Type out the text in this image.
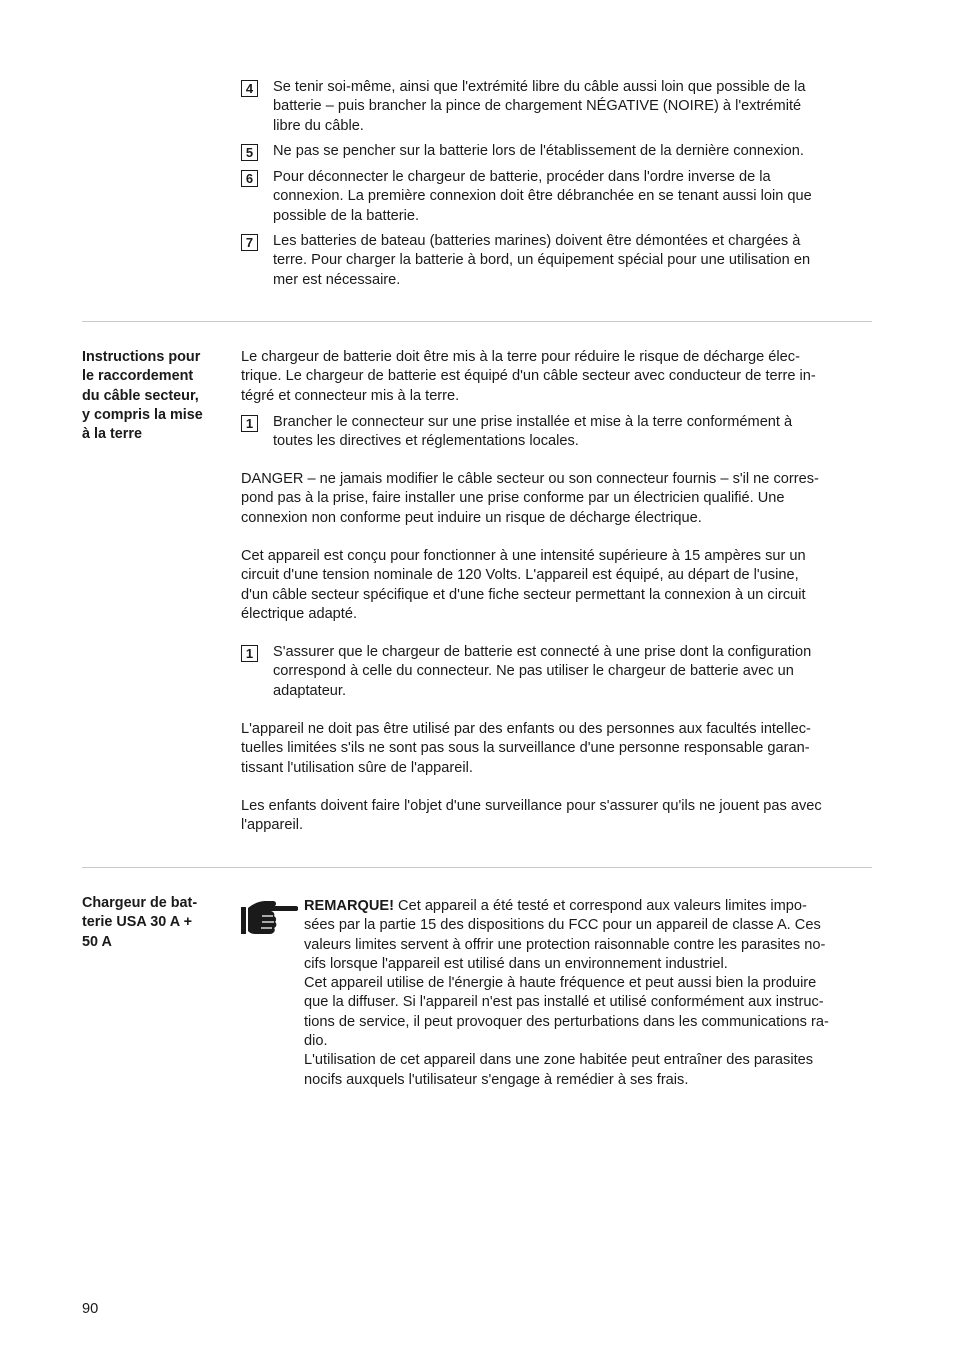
4	Se tenir soi-même, ainsi que l'extrémité libre du câble aussi loin que possible de la
batterie – puis brancher la pince de chargement NÉGATIVE (NOIRE) à l'extrémité
libre du câble.
5	Ne pas se pencher sur la batterie lors de l'établissement de la dernière connexion.
6	Pour déconnecter le chargeur de batterie, procéder dans l'ordre inverse de la
connexion. La première connexion doit être débranchée en se tenant aussi loin que
possible de la batterie.
7	Les batteries de bateau (batteries marines) doivent être démontées et chargées à
terre. Pour charger la batterie à bord, un équipement spécial pour une utilisation en
mer est nécessaire.
Instructions pour
le raccordement
du câble secteur,
y compris la mise
à la terre
Le chargeur de batterie doit être mis à la terre pour réduire le risque de décharge élec-
trique. Le chargeur de batterie est équipé d'un câble secteur avec conducteur de terre in-
tégré et connecteur mis à la terre.
1	Brancher le connecteur sur une prise installée et mise à la terre conformément à
toutes les directives et réglementations locales.
DANGER – ne jamais modifier le câble secteur ou son connecteur fournis – s'il ne corres-
pond pas à la prise, faire installer une prise conforme par un électricien qualifié. Une
connexion non conforme peut induire un risque de décharge électrique.
Cet appareil est conçu pour fonctionner à une intensité supérieure à 15 ampères sur un
circuit d'une tension nominale de 120 Volts. L'appareil est équipé, au départ de l'usine,
d'un câble secteur spécifique et d'une fiche secteur permettant la connexion à un circuit
électrique adapté.
1	S'assurer que le chargeur de batterie est connecté à une prise dont la configuration
correspond à celle du connecteur. Ne pas utiliser le chargeur de batterie avec un
adaptateur.
L'appareil ne doit pas être utilisé par des enfants ou des personnes aux facultés intellec-
tuelles limitées s'ils ne sont pas sous la surveillance d'une personne responsable garan-
tissant l'utilisation sûre de l'appareil.
Les enfants doivent faire l'objet d'une surveillance pour s'assurer qu'ils ne jouent pas avec
l'appareil.
Chargeur de bat-
terie USA 30 A +
50 A
REMARQUE! Cet appareil a été testé et correspond aux valeurs limites impo-
sées par la partie 15 des dispositions du FCC pour un appareil de classe A. Ces
valeurs limites servent à offrir une protection raisonnable contre les parasites no-
cifs lorsque l'appareil est utilisé dans un environnement industriel.
Cet appareil utilise de l'énergie à haute fréquence et peut aussi bien la produire
que la diffuser. Si l'appareil n'est pas installé et utilisé conformément aux instruc-
tions de service, il peut provoquer des perturbations dans les communications ra-
dio.
L'utilisation de cet appareil dans une zone habitée peut entraîner des parasites
nocifs auxquels l'utilisateur s'engage à remédier à ses frais.
90
